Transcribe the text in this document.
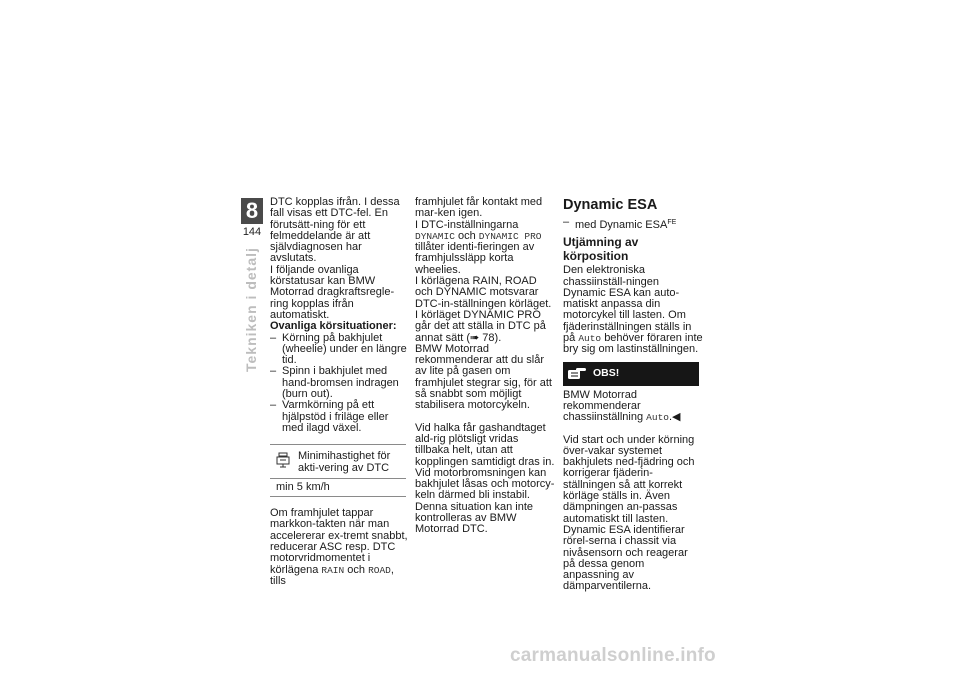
8
144
Tekniken i detalj

DTC kopplas ifrån. I dessa fall visas ett DTC-fel. En förutsätt-ning för ett felmeddelande är att självdiagnosen har avslutats.

I följande ovanliga körstatusar kan BMW Motorrad dragkraftsregle-ring kopplas ifrån automatiskt.

Ovanliga körsituationer:

– Körning på bakhjulet (wheelie) under en längre tid.

– Spinn i bakhjulet med hand-bromsen indragen (burn out).

– Varmkörning på ett hjälpstöd i friläge eller med ilagd växel.

Minimihastighet för akti-vering av DTC
min 5 km/h

Om framhjulet tappar markkon-takten när man accelererar ex-tremt snabbt, reducerar ASC resp. DTC motorvridmomentet i körlägena RAIN och ROAD, tills

framhjulet får kontakt med mar-ken igen.

I DTC-inställningarna DYNAMIC och DYNAMIC PRO tillåter identi-fieringen av framhjulssläpp korta wheelies.

I körlägena RAIN, ROAD och DYNAMIC motsvarar DTC-in-ställningen körläget.

I körläget DYNAMIC PRO går det att ställa in DTC på annat sätt (➠ 78).

BMW Motorrad rekommenderar att du slår av lite på gasen om framhjulet stegrar sig, för att så snabbt som möjligt stabilisera motorcykeln.

Vid halka får gashandtaget ald-rig plötsligt vridas tillbaka helt, utan att kopplingen samtidigt dras in. Vid motorbromsningen kan bakhjulet låsas och motorcy-keln därmed bli instabil. Denna situation kan inte kontrolleras av BMW Motorrad DTC.

Dynamic ESA

– med Dynamic $ESA^{FE}$

Utjämning av körposition

Den elektroniska chassiinställ-ningen Dynamic ESA kan auto-matiskt anpassa din motorcykel till lasten. Om fjäderinställningen ställs in på Auto behöver föraren inte bry sig om lastinställningen.

OBS!

BMW Motorrad rekommenderar chassiinställning Auto.◀

Vid start och under körning över-vakar systemet bakhjulets ned-fjädring och korrigerar fjäderin-ställningen så att korrekt körläge ställs in. Även dämpningen an-passas automatiskt till lasten. Dynamic ESA identifierar rörel-serna i chassit via nivåsensorn och reagerar på dessa genom anpassning av dämparventilerna.

carmanualsonline.info
